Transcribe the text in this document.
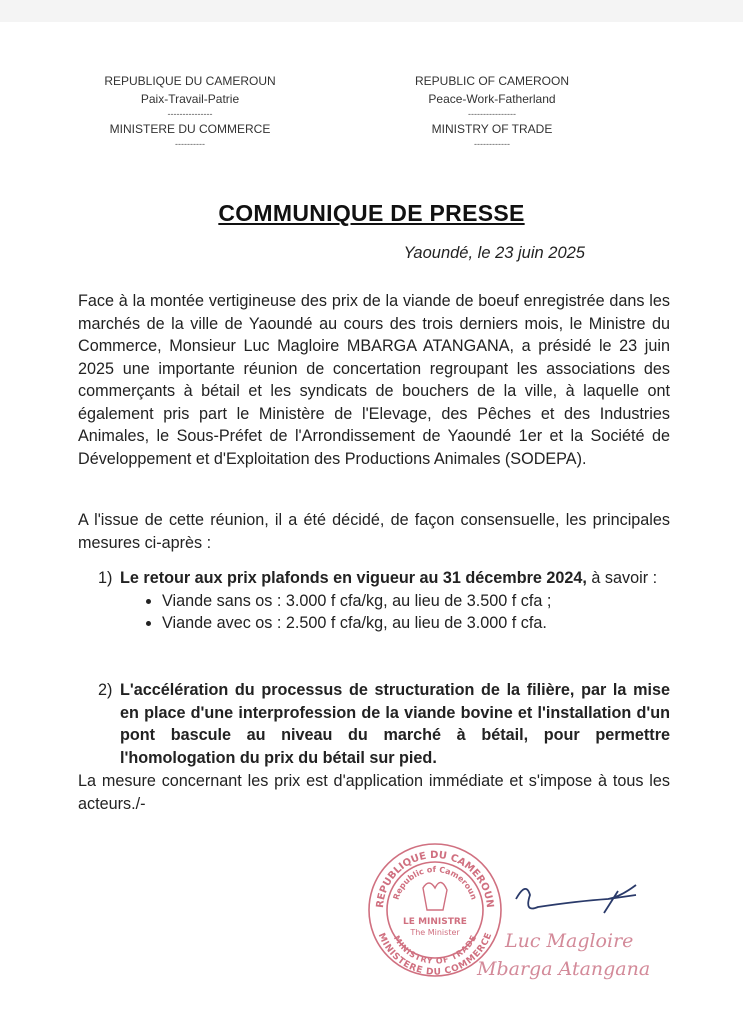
REPUBLIQUE DU CAMEROUN
Paix-Travail-Patrie
---------------
MINISTERE DU COMMERCE
----------
REPUBLIC OF CAMEROON
Peace-Work-Fatherland
----------------
MINISTRY OF TRADE
------------
COMMUNIQUE DE PRESSE
Yaoundé, le 23 juin 2025
Face à la montée vertigineuse des prix de la viande de boeuf enregistrée dans les marchés de la ville de Yaoundé au cours des trois derniers mois, le Ministre du Commerce, Monsieur Luc Magloire MBARGA ATANGANA, a présidé le 23 juin 2025 une importante réunion de concertation regroupant les associations des commerçants à bétail et les syndicats de bouchers de la ville, à laquelle ont également pris part le Ministère de l'Elevage, des Pêches et des Industries Animales, le Sous-Préfet de l'Arrondissement de Yaoundé 1er et la Société de Développement et d'Exploitation des Productions Animales (SODEPA).
A l'issue de cette réunion, il a été décidé, de façon consensuelle, les principales mesures ci-après :
1) Le retour aux prix plafonds en vigueur au 31 décembre 2024, à savoir :
• Viande sans os : 3.000 f cfa/kg, au lieu de 3.500 f cfa ;
• Viande avec os : 2.500 f cfa/kg, au lieu de 3.000 f cfa.
2) L'accélération du processus de structuration de la filière, par la mise en place d'une interprofession de la viande bovine et l'installation d'un pont bascule au niveau du marché à bétail, pour permettre l'homologation du prix du bétail sur pied.
La mesure concernant les prix est d'application immédiate et s'impose à tous les acteurs./-
REPUBLIQUE DU CAMEROUN
Republic of Cameroun
MINISTERE DU COMMERCE
MINISTRY OF TRADE
LE MINISTRE
The Minister Luc Magloire
Mbarga Atangana
